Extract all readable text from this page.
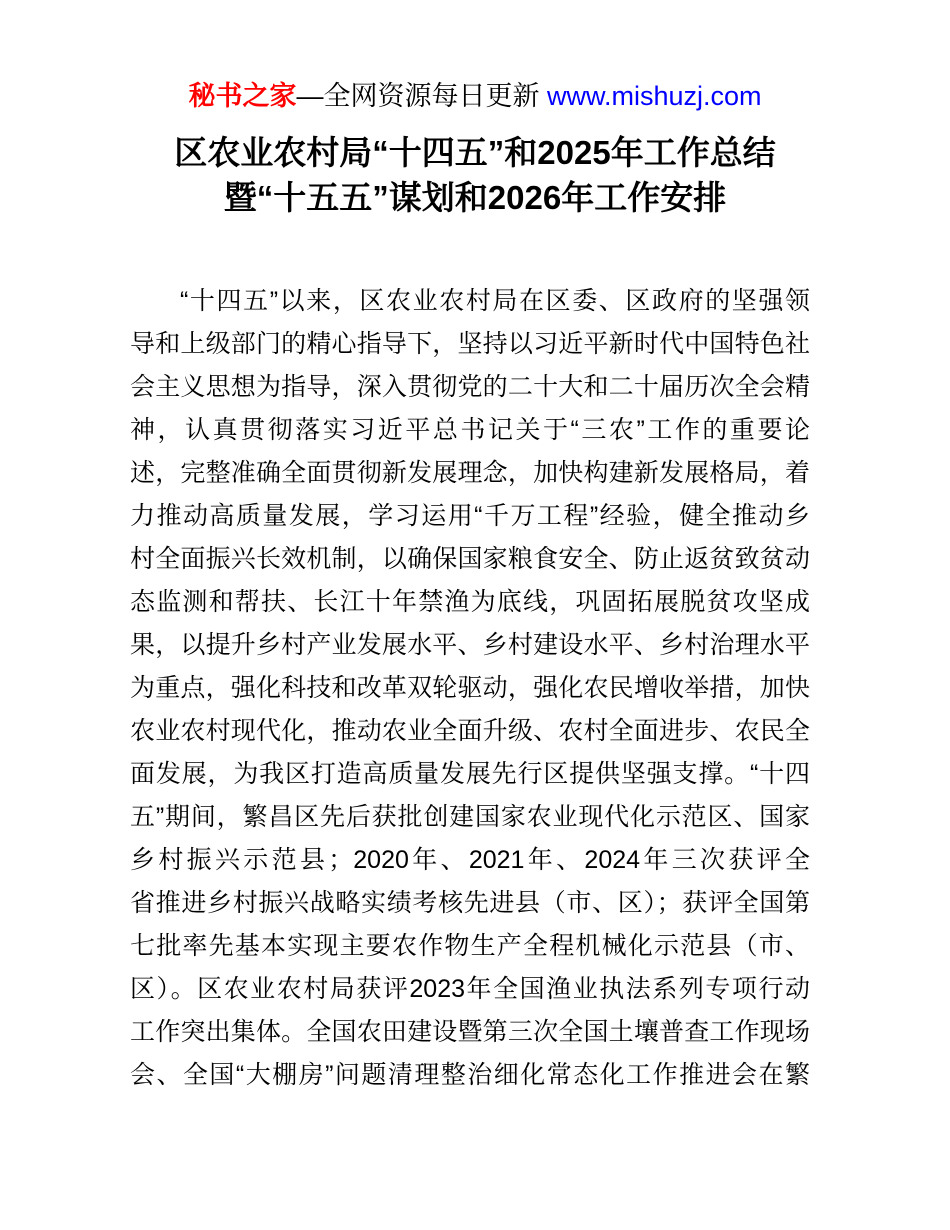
秘书之家—全网资源每日更新 www.mishuzj.com
区农业农村局“十四五”和2025年工作总结
暨“十五五”谋划和2026年工作安排
“十四五”以来，区农业农村局在区委、区政府的坚强领
导和上级部门的精心指导下，坚持以习近平新时代中国特色社
会主义思想为指导，深入贯彻党的二十大和二十届历次全会精
神，认真贯彻落实习近平总书记关于“三农”工作的重要论
述，完整准确全面贯彻新发展理念，加快构建新发展格局，着
力推动高质量发展，学习运用“千万工程”经验，健全推动乡
村全面振兴长效机制，以确保国家粮食安全、防止返贫致贫动
态监测和帮扶、长江十年禁渔为底线，巩固拓展脱贫攻坚成
果，以提升乡村产业发展水平、乡村建设水平、乡村治理水平
为重点，强化科技和改革双轮驱动，强化农民增收举措，加快
农业农村现代化，推动农业全面升级、农村全面进步、农民全
面发展，为我区打造高质量发展先行区提供坚强支撑。“十四
五”期间，繁昌区先后获批创建国家农业现代化示范区、国家
乡村振兴示范县；2020年、2021年、2024年三次获评全
省推进乡村振兴战略实绩考核先进县（市、区）；获评全国第
七批率先基本实现主要农作物生产全程机械化示范县（市、
区）。区农业农村局获评2023年全国渔业执法系列专项行动
工作突出集体。全国农田建设暨第三次全国土壤普查工作现场
会、全国“大棚房”问题清理整治细化常态化工作推进会在繁
